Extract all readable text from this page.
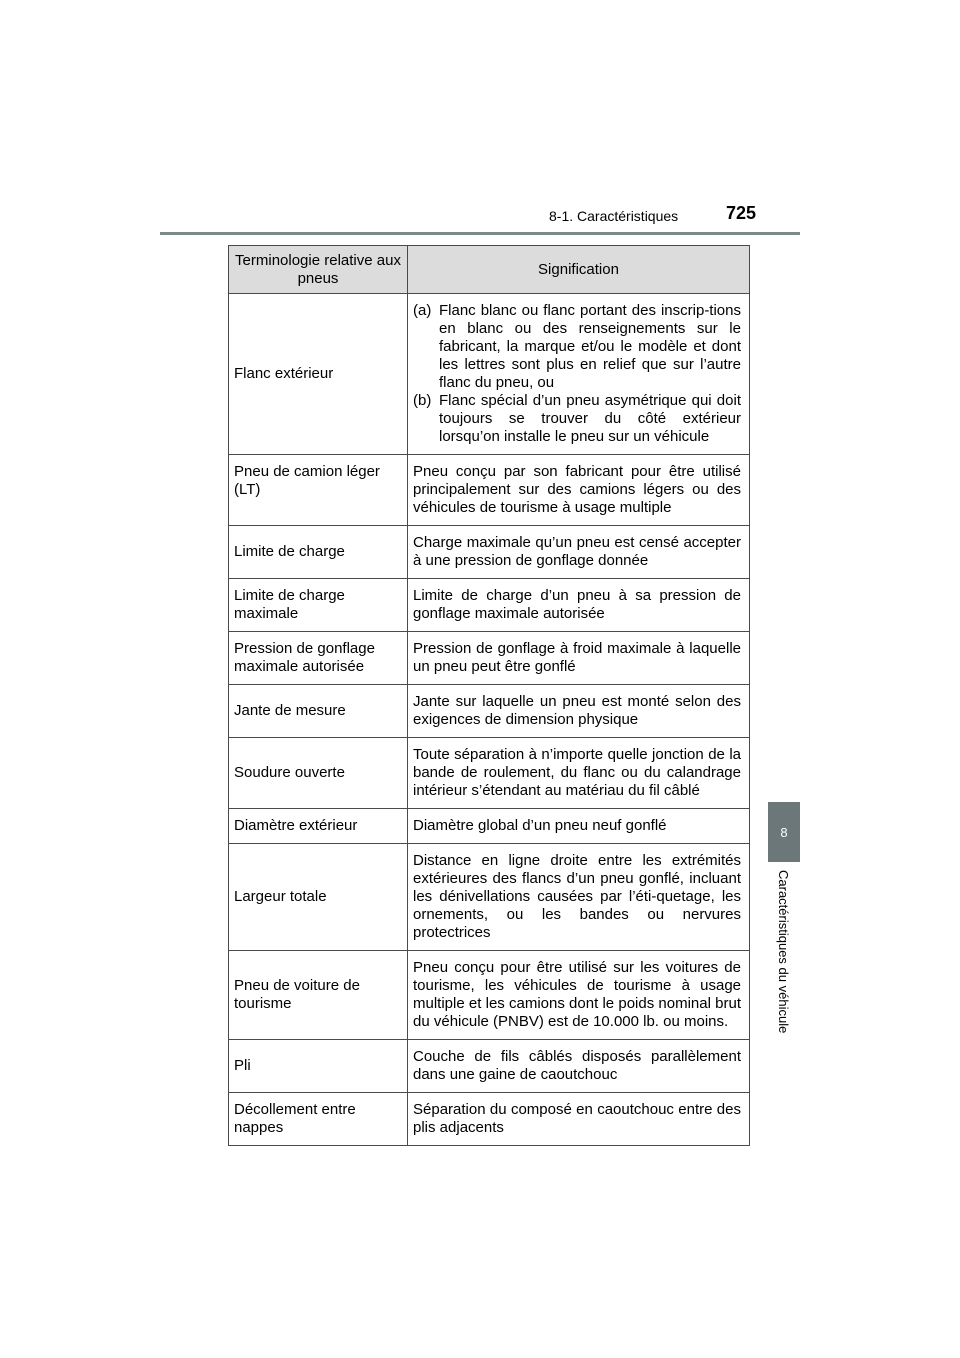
8-1. Caractéristiques	725
8
Caractéristiques du véhicule
Terminologie relative aux pneus	Signification
Flanc extérieur	(a) Flanc blanc ou flanc portant des inscrip-tions en blanc ou des renseignements sur le fabricant, la marque et/ou le modèle et dont les lettres sont plus en relief que sur l’autre flanc du pneu, ou
(b) Flanc spécial d’un pneu asymétrique qui doit toujours se trouver du côté extérieur lorsqu’on installe le pneu sur un véhicule

Pneu de camion léger (LT)	Pneu conçu par son fabricant pour être utilisé principalement sur des camions légers ou des véhicules de tourisme à usage multiple
Limite de charge	Charge maximale qu’un pneu est censé accepter à une pression de gonflage donnée
Limite de charge maximale	Limite de charge d’un pneu à sa pression de gonflage maximale autorisée
Pression de gonflage maximale autorisée	Pression de gonflage à froid maximale à laquelle un pneu peut être gonflé
Jante de mesure	Jante sur laquelle un pneu est monté selon des exigences de dimension physique
Soudure ouverte	Toute séparation à n’importe quelle jonction de la bande de roulement, du flanc ou du calandrage intérieur s’étendant au matériau du fil câblé
Diamètre extérieur	Diamètre global d’un pneu neuf gonflé
Largeur totale	Distance en ligne droite entre les extrémités extérieures des flancs d’un pneu gonflé, incluant les dénivellations causées par l’éti-quetage, les ornements, ou les bandes ou nervures protectrices
Pneu de voiture de tourisme	Pneu conçu pour être utilisé sur les voitures de tourisme, les véhicules de tourisme à usage multiple et les camions dont le poids nominal brut du véhicule (PNBV) est de 10.000 lb. ou moins.
Pli	Couche de fils câblés disposés parallèlement dans une gaine de caoutchouc
Décollement entre nappes	Séparation du composé en caoutchouc entre des plis adjacents
